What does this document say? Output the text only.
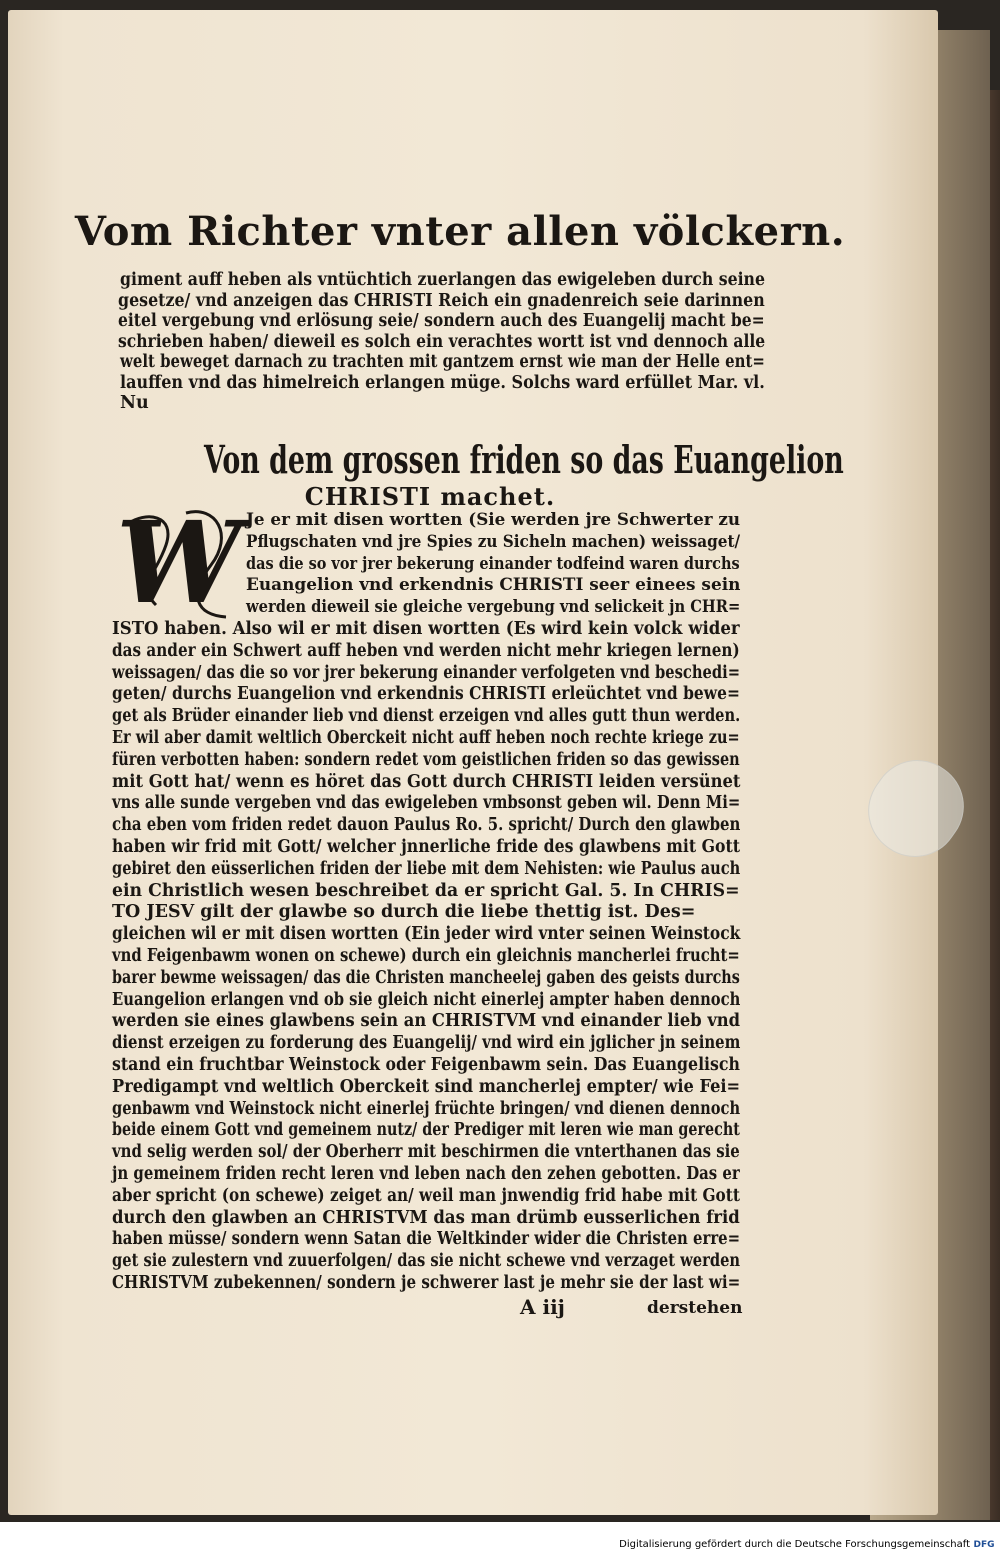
Vom Richter vnter allen völckern.
giment auff heben als vntüchtich zuerlangen das ewigeleben durch seine
gesetze/ vnd anzeigen das CHRISTI Reich ein gnadenreich seie darinnen
eitel vergebung vnd erlösung seie/ sondern auch des Euangelij macht be=
schrieben haben/ dieweil es solch ein verachtes wortt ist vnd dennoch alle
welt beweget darnach zu trachten mit gantzem ernst wie man der Helle ent=
lauffen vnd das himelreich erlangen müge. Solchs ward erfüllet Mar. vl.
Nu
Von dem grossen friden so das Euangelion
CHRISTI machet.
W Je er mit disen wortten (Sie werden jre Schwerter zu
Pflugschaten vnd jre Spies zu Sicheln machen) weissaget/
das die so vor jrer bekerung einander todfeind waren durchs
Euangelion vnd erkendnis CHRISTI seer einees sein
werden dieweil sie gleiche vergebung vnd selickeit jn CHR=
ISTO haben. Also wil er mit disen wortten (Es wird kein volck wider
das ander ein Schwert auff heben vnd werden nicht mehr kriegen lernen)
weissagen/ das die so vor jrer bekerung einander verfolgeten vnd beschedi=
geten/ durchs Euangelion vnd erkendnis CHRISTI erleüchtet vnd bewe=
get als Brüder einander lieb vnd dienst erzeigen vnd alles gutt thun werden.
Er wil aber damit weltlich Oberckeit nicht auff heben noch rechte kriege zu=
füren verbotten haben: sondern redet vom geistlichen friden so das gewissen
mit Gott hat/ wenn es höret das Gott durch CHRISTI leiden versünet
vns alle sunde vergeben vnd das ewigeleben vmbsonst geben wil. Denn Mi=
cha eben vom friden redet dauon Paulus Ro. 5. spricht/ Durch den glawben
haben wir frid mit Gott/ welcher jnnerliche fride des glawbens mit Gott
gebiret den eüsserlichen friden der liebe mit dem Nehisten: wie Paulus auch
ein Christlich wesen beschreibet da er spricht Gal. 5. In CHRIS=
TO JESV gilt der glawbe so durch die liebe thettig ist. Des=
gleichen wil er mit disen wortten (Ein jeder wird vnter seinen Weinstock
vnd Feigenbawm wonen on schewe) durch ein gleichnis mancherlei frucht=
barer bewme weissagen/ das die Christen mancheelej gaben des geists durchs
Euangelion erlangen vnd ob sie gleich nicht einerlej ampter haben dennoch
werden sie eines glawbens sein an CHRISTVM vnd einander lieb vnd
dienst erzeigen zu forderung des Euangelij/ vnd wird ein jglicher jn seinem
stand ein fruchtbar Weinstock oder Feigenbawm sein. Das Euangelisch
Predigampt vnd weltlich Oberckeit sind mancherlej empter/ wie Fei=
genbawm vnd Weinstock nicht einerlej früchte bringen/ vnd dienen dennoch
beide einem Gott vnd gemeinem nutz/ der Prediger mit leren wie man gerecht
vnd selig werden sol/ der Oberherr mit beschirmen die vnterthanen das sie
jn gemeinem friden recht leren vnd leben nach den zehen gebotten. Das er
aber spricht (on schewe) zeiget an/ weil man jnwendig frid habe mit Gott
durch den glawben an CHRISTVM das man drümb eusserlichen frid
haben müsse/ sondern wenn Satan die Weltkinder wider die Christen erre=
get sie zulestern vnd zuuerfolgen/ das sie nicht schewe vnd verzaget werden
CHRISTVM zubekennen/ sondern je schwerer last je mehr sie der last wi=
A iij	derstehen
Digitalisierung gefördert durch die Deutsche Forschungsgemeinschaft DFG
